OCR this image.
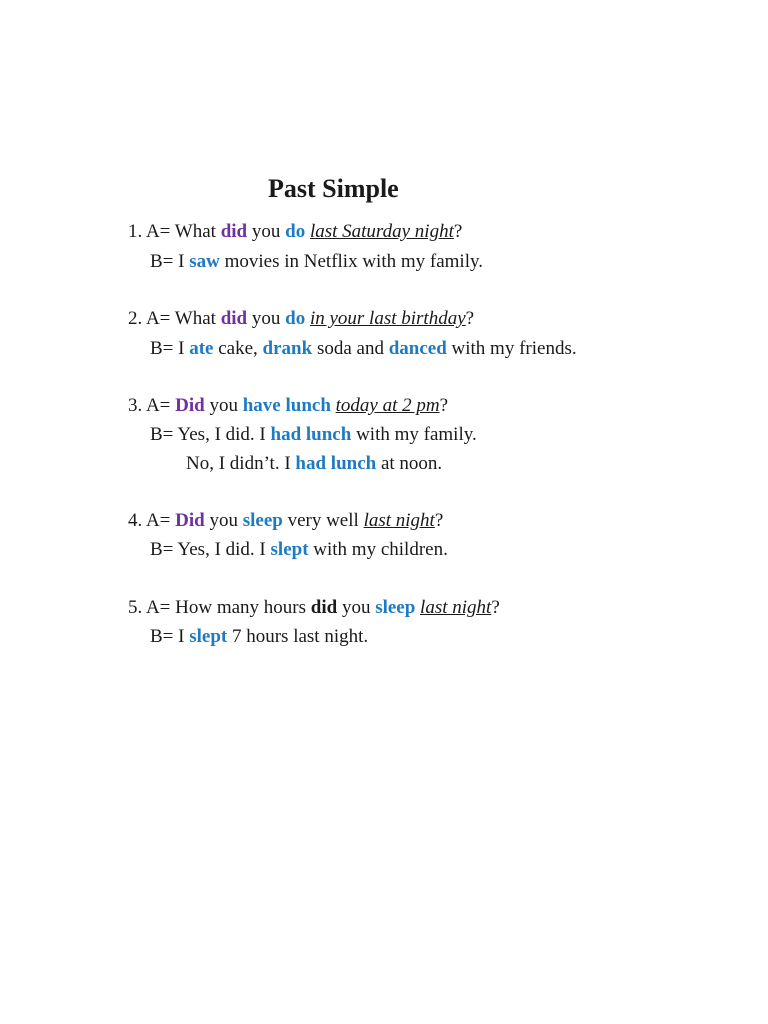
Past Simple
1. A= What did you do last Saturday night?
B= I saw movies in Netflix with my family.
2. A= What did you do in your last birthday?
B= I ate cake, drank soda and danced with my friends.
3. A= Did you have lunch today at 2 pm?
B= Yes, I did. I had lunch with my family.
No, I didn’t. I had lunch at noon.
4. A= Did you sleep very well last night?
B= Yes, I did. I slept with my children.
5. A= How many hours did you sleep last night?
B= I slept 7 hours last night.
